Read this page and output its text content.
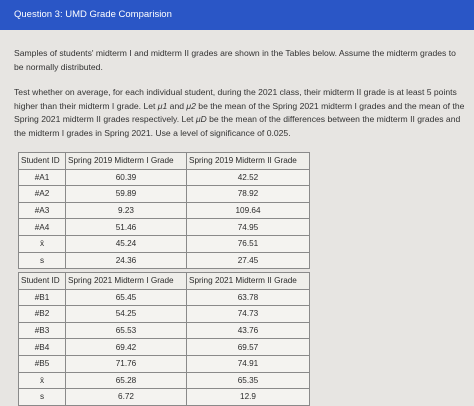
Question 3: UMD Grade Comparision
Samples of students' midterm I and midterm II grades are shown in the Tables below. Assume the midterm grades to be normally distributed.
Test whether on average, for each individual student, during the 2021 class, their midterm II grade is at least 5 points higher than their midterm I grade. Let μ1 and μ2 be the mean of the Spring 2021 midterm I grades and the mean of the Spring 2021 midterm II grades respectively. Let μD be the mean of the differences between the midterm II grades and the midterm I grades in Spring 2021. Use a level of significance of 0.025.
Student ID	Spring 2019 Midterm I Grade	Spring 2019 Midterm II Grade
#A1	60.39	42.52
#A2	59.89	78.92
#A3	9.23	109.64
#A4	51.46	74.95
x̄	45.24	76.51
s	24.36	27.45
Student ID	Spring 2021 Midterm I Grade	Spring 2021 Midterm II Grade
#B1	65.45	63.78
#B2	54.25	74.73
#B3	65.53	43.76
#B4	69.42	69.57
#B5	71.76	74.91
x̄	65.28	65.35
s	6.72	12.9
